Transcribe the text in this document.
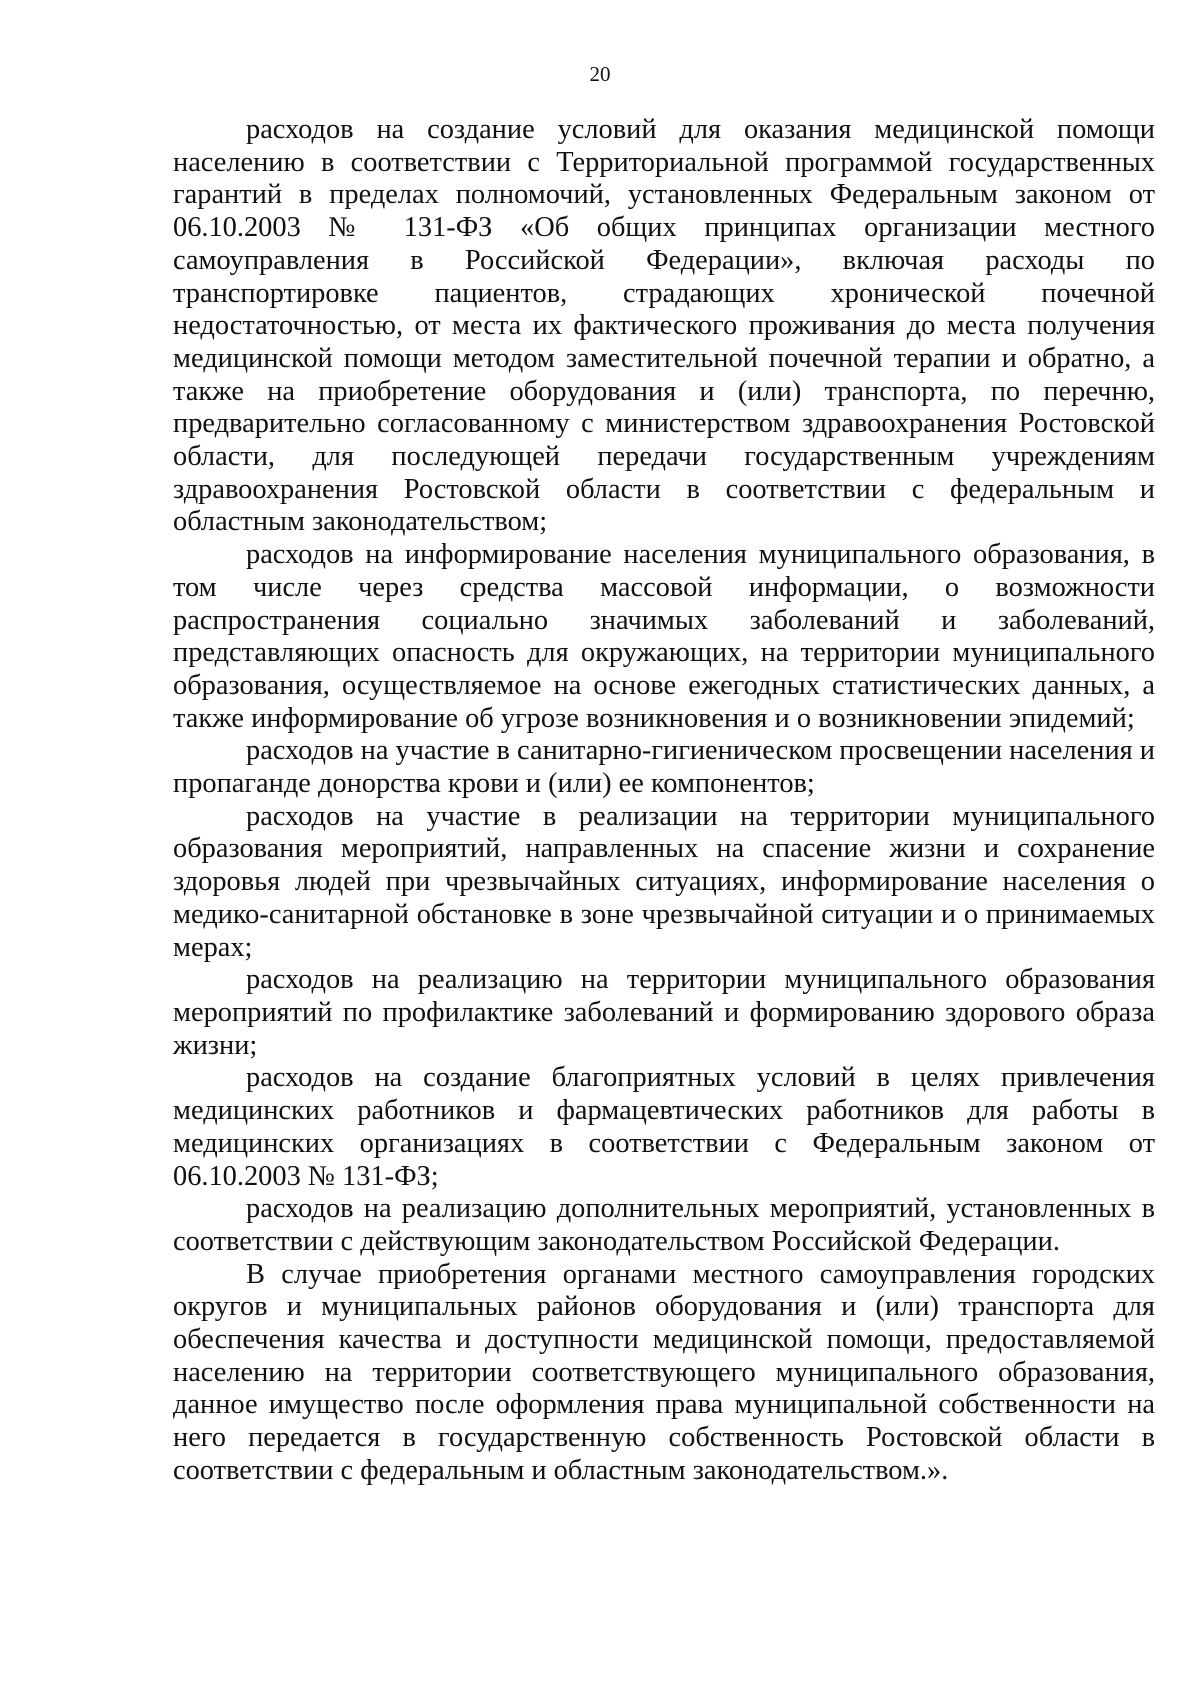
20

расходов на создание условий для оказания медицинской помощи населению в соответствии с Территориальной программой государственных гарантий в пределах полномочий, установленных Федеральным законом от 06.10.2003 № 131-ФЗ «Об общих принципах организации местного самоуправления в Российской Федерации», включая расходы по транспортировке пациентов, страдающих хронической почечной недостаточностью, от места их фактического проживания до места получения медицинской помощи методом заместительной почечной терапии и обратно, а также на приобретение оборудования и (или) транспорта, по перечню, предварительно согласованному с министерством здравоохранения Ростовской области, для последующей передачи государственным учреждениям здравоохранения Ростовской области в соответствии с федеральным и областным законодательством;

расходов на информирование населения муниципального образования, в том числе через средства массовой информации, о возможности распространения социально значимых заболеваний и заболеваний, представляющих опасность для окружающих, на территории муниципального образования, осуществляемое на основе ежегодных статистических данных, а также информирование об угрозе возникновения и о возникновении эпидемий;

расходов на участие в санитарно-гигиеническом просвещении населения и пропаганде донорства крови и (или) ее компонентов;

расходов на участие в реализации на территории муниципального образования мероприятий, направленных на спасение жизни и сохранение здоровья людей при чрезвычайных ситуациях, информирование населения о медико-санитарной обстановке в зоне чрезвычайной ситуации и о принимаемых мерах;

расходов на реализацию на территории муниципального образования мероприятий по профилактике заболеваний и формированию здорового образа жизни;

расходов на создание благоприятных условий в целях привлечения медицинских работников и фармацевтических работников для работы в медицинских организациях в соответствии с Федеральным законом от 06.10.2003 № 131-ФЗ;

расходов на реализацию дополнительных мероприятий, установленных в соответствии с действующим законодательством Российской Федерации.

В случае приобретения органами местного самоуправления городских округов и муниципальных районов оборудования и (или) транспорта для обеспечения качества и доступности медицинской помощи, предоставляемой населению на территории соответствующего муниципального образования, данное имущество после оформления права муниципальной собственности на него передается в государственную собственность Ростовской области в соответствии с федеральным и областным законодательством.».
